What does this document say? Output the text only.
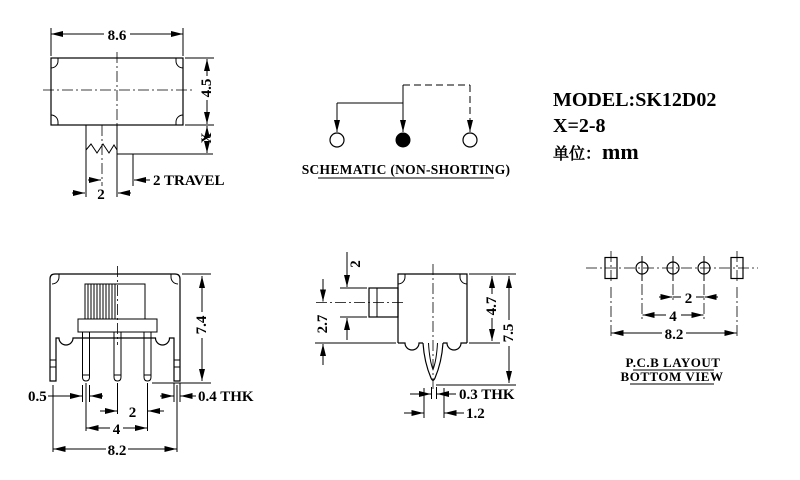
8.6
4.5
X
2 TRAVEL
2
SCHEMATIC (NON-SHORTING)
MODEL:SK12D02
X=2-8
单位： mm
7.4
0.5	0.4 THK
2
4
8.2
2
2.7
4.7
7.5
0.3 THK
1.2
2
4
8.2
P.C.B LAYOUT
BOTTOM VIEW
